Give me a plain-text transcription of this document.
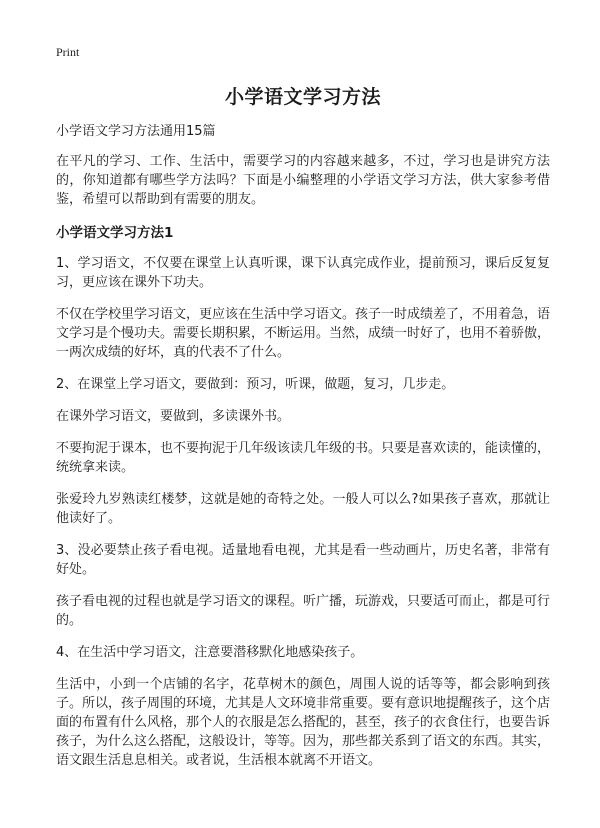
Print
小学语文学习方法
小学语文学习方法通用15篇

在平凡的学习、工作、生活中，需要学习的内容越来越多，不过，学习也是讲究方法的，你知道都有哪些学方法吗？下面是小编整理的小学语文学习方法，供大家参考借鉴，希望可以帮助到有需要的朋友。

小学语文学习方法1

1、学习语文，不仅要在课堂上认真听课，课下认真完成作业，提前预习，课后反复复习，更应该在课外下功夫。

不仅在学校里学习语文，更应该在生活中学习语文。孩子一时成绩差了，不用着急，语文学习是个慢功夫。需要长期积累，不断运用。当然，成绩一时好了，也用不着骄傲，一两次成绩的好坏，真的代表不了什么。

2、在课堂上学习语文，要做到：预习，听课，做题，复习，几步走。

在课外学习语文，要做到，多读课外书。

不要拘泥于课本，也不要拘泥于几年级该读几年级的书。只要是喜欢读的，能读懂的，统统拿来读。

张爱玲九岁熟读红楼梦，这就是她的奇特之处。一般人可以么?如果孩子喜欢，那就让他读好了。

3、没必要禁止孩子看电视。适量地看电视，尤其是看一些动画片，历史名著，非常有好处。

孩子看电视的过程也就是学习语文的课程。听广播，玩游戏，只要适可而止，都是可行的。

4、在生活中学习语文，注意要潜移默化地感染孩子。

生活中，小到一个店铺的名字，花草树木的颜色，周围人说的话等等，都会影响到孩子。所以，孩子周围的环境，尤其是人文环境非常重要。要有意识地提醒孩子，这个店面的布置有什么风格，那个人的衣服是怎么搭配的，甚至，孩子的衣食住行，也要告诉孩子，为什么这么搭配，这般设计，等等。因为，那些都关系到了语文的东西。其实，语文跟生活息息相关。或者说，生活根本就离不开语文。
